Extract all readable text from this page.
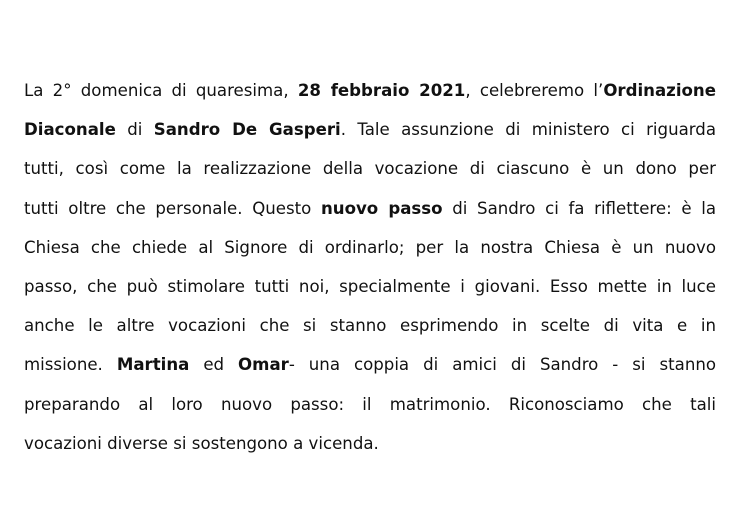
La 2° domenica di quaresima, 28 febbraio 2021, celebreremo l’Ordinazione
Diaconale di Sandro De Gasperi. Tale assunzione di ministero ci riguarda
tutti, così come la realizzazione della vocazione di ciascuno è un dono per
tutti oltre che personale. Questo nuovo passo di Sandro ci fa riflettere: è la
Chiesa che chiede al Signore di ordinarlo; per la nostra Chiesa è un nuovo
passo, che può stimolare tutti noi, specialmente i giovani. Esso mette in luce
anche le altre vocazioni che si stanno esprimendo in scelte di vita e in
missione. Martina ed Omar- una coppia di amici di Sandro - si stanno
preparando al loro nuovo passo: il matrimonio. Riconosciamo che tali
vocazioni diverse si sostengono a vicenda.
